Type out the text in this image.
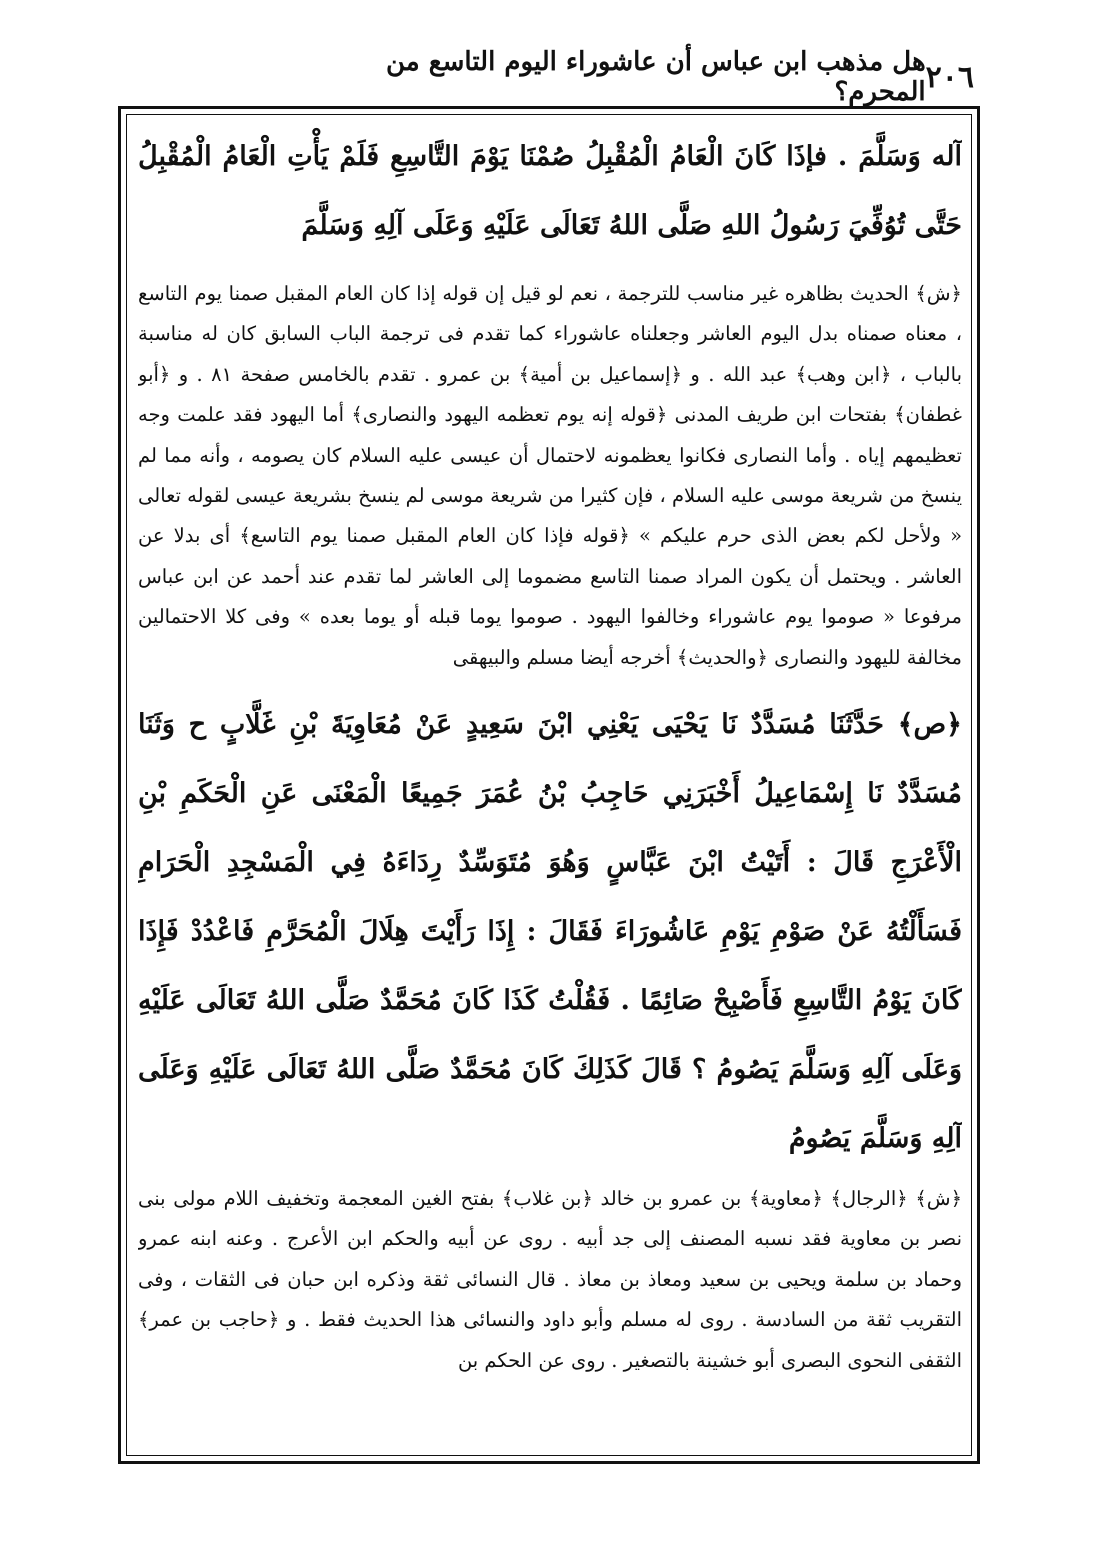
٢٠٦
هل مذهب ابن عباس أن عاشوراء اليوم التاسع من المحرم؟

آله وَسَلَّمَ . فإذَا كَانَ الْعَامُ الْمُقْبِلُ صُمْنَا يَوْمَ التَّاسِعِ فَلَمْ يَأْتِ الْعَامُ الْمُقْبِلُ حَتَّى تُوُفِّيَ رَسُولُ اللهِ صَلَّى اللهُ تَعَالَى عَلَيْهِ وَعَلَى آلِهِ وَسَلَّمَ

﴿ش﴾ الحديث بظاهره غير مناسب للترجمة ، نعم لو قيل إن قوله إذا كان العام المقبل صمنا يوم التاسع ، معناه صمناه بدل اليوم العاشر وجعلناه عاشوراء كما تقدم فى ترجمة الباب السابق كان له مناسبة بالباب ، ﴿ابن وهب﴾ عبد الله . و ﴿إسماعيل بن أمية﴾ بن عمرو . تقدم بالخامس صفحة ٨١ . و ﴿أبو غطفان﴾ بفتحات ابن طريف المدنى ﴿قوله إنه يوم تعظمه اليهود والنصارى﴾ أما اليهود فقد علمت وجه تعظيمهم إياه . وأما النصارى فكانوا يعظمونه لاحتمال أن عيسى عليه السلام كان يصومه ، وأنه مما لم ينسخ من شريعة موسى عليه السلام ، فإن كثيرا من شريعة موسى لم ينسخ بشريعة عيسى لقوله تعالى « ولأحل لكم بعض الذى حرم عليكم » ﴿قوله فإذا كان العام المقبل صمنا يوم التاسع﴾ أى بدلا عن العاشر . ويحتمل أن يكون المراد صمنا التاسع مضموما إلى العاشر لما تقدم عند أحمد عن ابن عباس مرفوعا « صوموا يوم عاشوراء وخالفوا اليهود . صوموا يوما قبله أو يوما بعده » وفى كلا الاحتمالين مخالفة لليهود والنصارى ﴿والحديث﴾ أخرجه أيضا مسلم والبيهقى

﴿ص﴾ حَدَّثَنَا مُسَدَّدٌ نَا يَحْيَى يَعْنِي ابْنَ سَعِيدٍ عَنْ مُعَاوِيَةَ بْنِ غَلَّابٍ ح وَثَنَا مُسَدَّدٌ نَا إِسْمَاعِيلُ أَخْبَرَنِي حَاجِبُ بْنُ عُمَرَ جَمِيعًا الْمَعْنَى عَنِ الْحَكَمِ بْنِ الْأَعْرَجِ قَالَ : أَتَيْتُ ابْنَ عَبَّاسٍ وَهُوَ مُتَوَسِّدٌ رِدَاءَهُ فِي الْمَسْجِدِ الْحَرَامِ فَسَأَلْتُهُ عَنْ صَوْمِ يَوْمِ عَاشُورَاءَ فَقَالَ : إِذَا رَأَيْتَ هِلَالَ الْمُحَرَّمِ فَاعْدُدْ فَإِذَا كَانَ يَوْمُ التَّاسِعِ فَأَصْبِحْ صَائِمًا . فَقُلْتُ كَذَا كَانَ مُحَمَّدٌ صَلَّى اللهُ تَعَالَى عَلَيْهِ وَعَلَى آلِهِ وَسَلَّمَ يَصُومُ ؟ قَالَ كَذَلِكَ كَانَ مُحَمَّدٌ صَلَّى اللهُ تَعَالَى عَلَيْهِ وَعَلَى آلِهِ وَسَلَّمَ يَصُومُ

﴿ش﴾ ﴿الرجال﴾ ﴿معاوية﴾ بن عمرو بن خالد ﴿بن غلاب﴾ بفتح الغين المعجمة وتخفيف اللام مولى بنى نصر بن معاوية فقد نسبه المصنف إلى جد أبيه . روى عن أبيه والحكم ابن الأعرج . وعنه ابنه عمرو وحماد بن سلمة ويحيى بن سعيد ومعاذ بن معاذ . قال النسائى ثقة وذكره ابن حبان فى الثقات ، وفى التقريب ثقة من السادسة . روى له مسلم وأبو داود والنسائى هذا الحديث فقط . و ﴿حاجب بن عمر﴾ الثقفى النحوى البصرى أبو خشينة بالتصغير . روى عن الحكم بن
